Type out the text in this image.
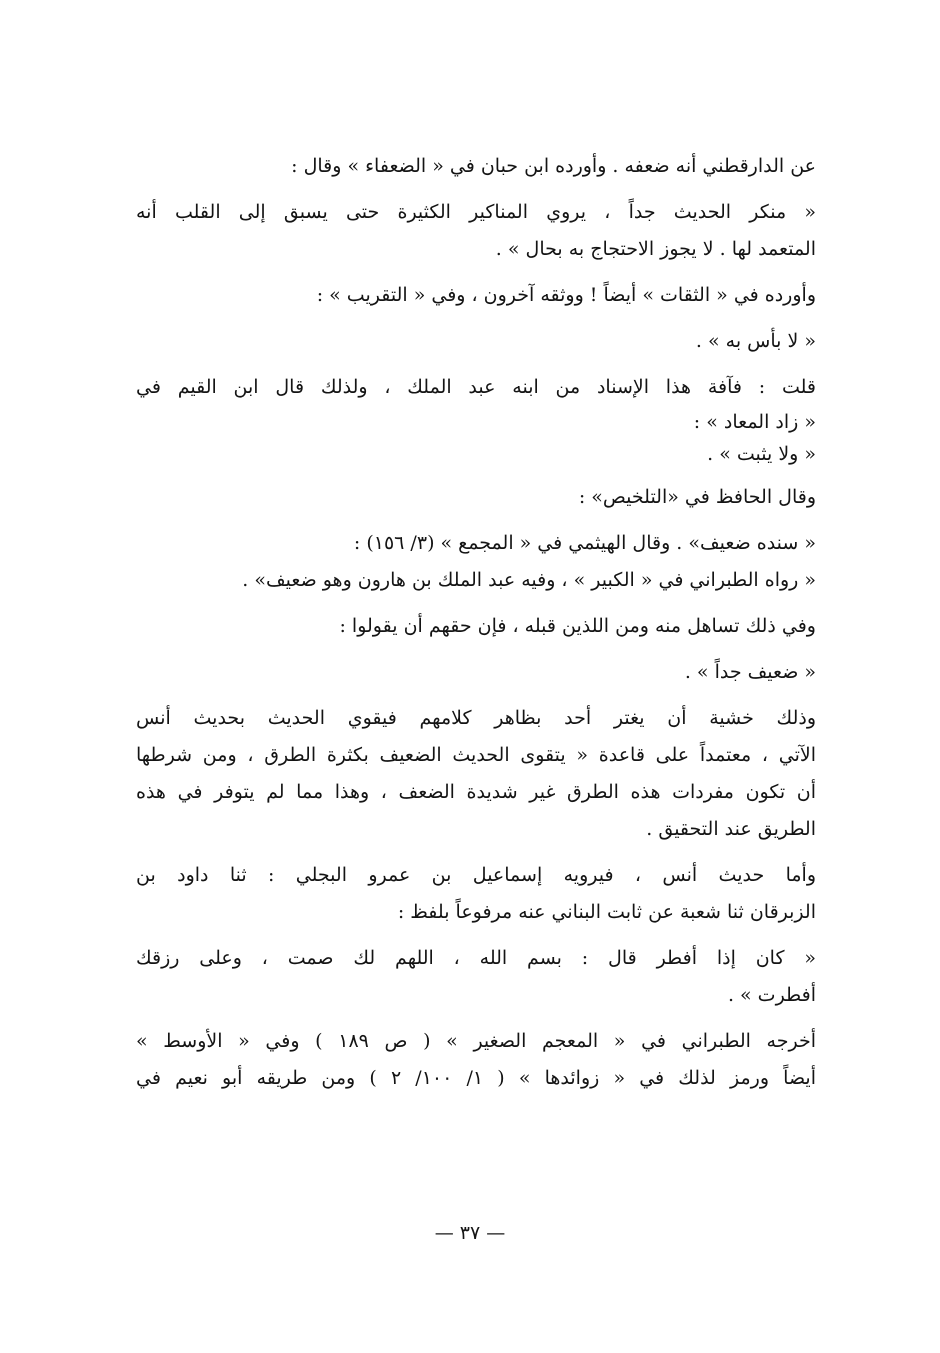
عن الدارقطني أنه ضعفه . وأورده ابن حبان في « الضعفاء » وقال :
« منكر الحديث جداً ، يروي المناكير الكثيرة حتى يسبق إلى القلب أنه
المتعمد لها . لا يجوز الاحتجاج به بحال » .
وأورده في « الثقات » أيضاً ! ووثقه آخرون ، وفي « التقريب » :
« لا بأس به » .
قلت : فآفة هذا الإسناد من ابنه عبد الملك ، ولذلك قال ابن القيم في
« زاد المعاد » :
« ولا يثبت » .
وقال الحافظ في «التلخيص» :
« سنده ضعيف» . وقال الهيثمي في « المجمع » (٣/ ١٥٦) :
« رواه الطبراني في « الكبير » ، وفيه عبد الملك بن هارون وهو ضعيف» .
وفي ذلك تساهل منه ومن اللذين قبله ، فإن حقهم أن يقولوا :
« ضعيف جداً » .
وذلك خشية أن يغتر أحد بظاهر كلامهم فيقوي الحديث بحديث أنس
الآتي ، معتمداً على قاعدة « يتقوى الحديث الضعيف بكثرة الطرق ، ومن شرطها
أن تكون مفردات هذه الطرق غير شديدة الضعف ، وهذا مما لم يتوفر في هذه
الطريق عند التحقيق .
وأما حديث أنس ، فيرويه إسماعيل بن عمرو البجلي : ثنا داود بن
الزبرقان ثنا شعبة عن ثابت البناني عنه مرفوعاً بلفظ :
« كان إذا أفطر قال : بسم الله ، اللهم لك صمت ، وعلى رزقك
أفطرت » .
أخرجه الطبراني في « المعجم الصغير » ( ص ١٨٩ ) وفي « الأوسط »
أيضاً ورمز لذلك في « زوائدها » ( ١/ ١٠٠/ ٢ ) ومن طريقه أبو نعيم في
— ٣٧ —
